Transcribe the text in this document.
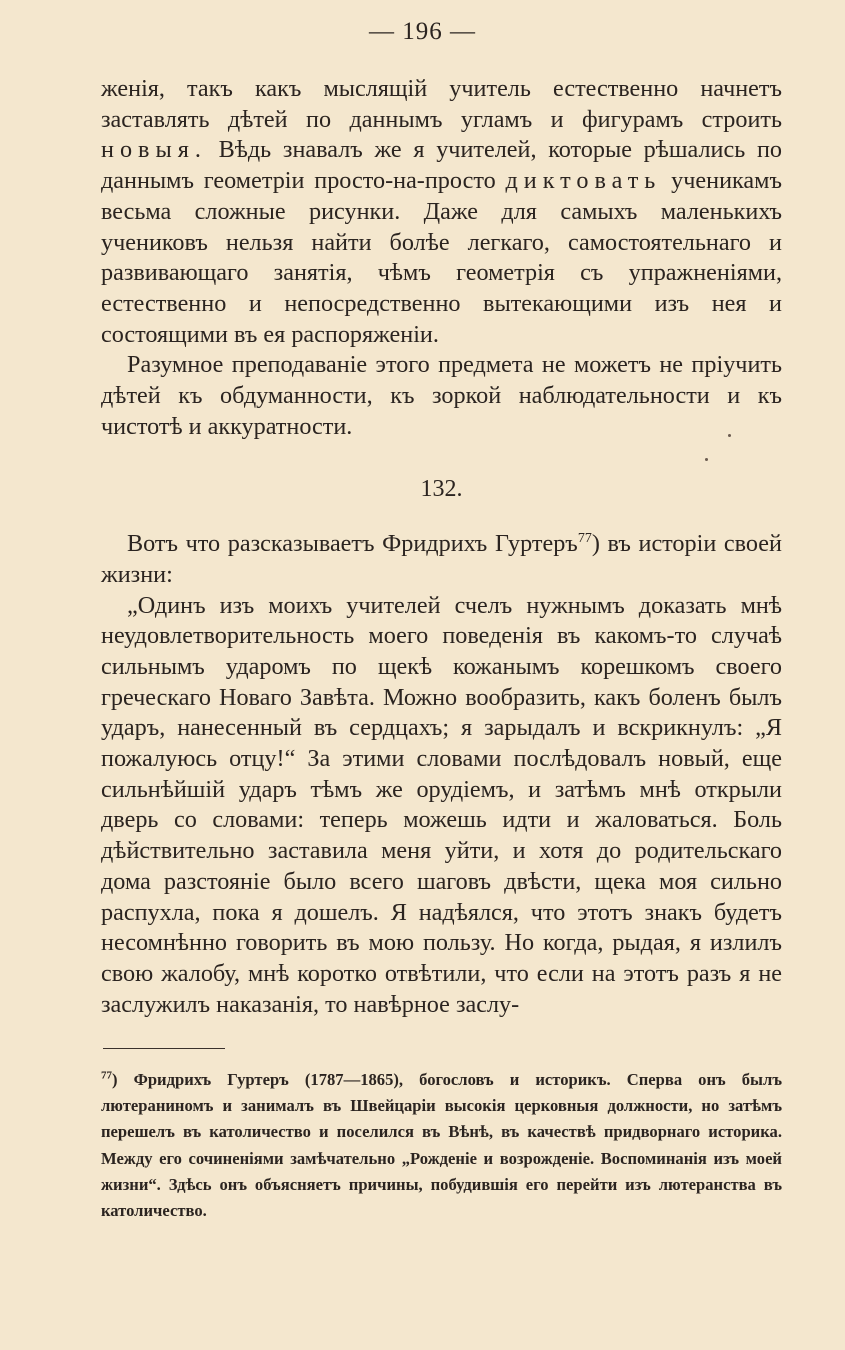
— 196 —

женія, такъ какъ мыслящій учитель естественно начнетъ заставлять дѣтей по даннымъ угламъ и фигурамъ строить новыя. Вѣдь знавалъ же я учителей, которые рѣшались по даннымъ геометріи просто-на-просто диктовать ученикамъ весьма сложные рисунки. Даже для самыхъ маленькихъ учениковъ нельзя найти болѣе легкаго, самостоятельнаго и развивающаго занятія, чѣмъ геометрія съ упражненіями, естественно и непосредственно вытекающими изъ нея и состоящими въ ея распоряженіи.

Разумное преподаваніе этого предмета не можетъ не пріучить дѣтей къ обдуманности, къ зоркой наблюдательности и къ чистотѣ и аккуратности.

132.

Вотъ что разсказываетъ Фридрихъ Гуртеръ$^{77}$) въ исторіи своей жизни:

„Одинъ изъ моихъ учителей счелъ нужнымъ доказать мнѣ неудовлетворительность моего поведенія въ какомъ-то случаѣ сильнымъ ударомъ по щекѣ кожанымъ корешкомъ своего греческаго Новаго Завѣта. Можно вообразить, какъ боленъ былъ ударъ, нанесенный въ сердцахъ; я зарыдалъ и вскрикнулъ: „Я пожалуюсь отцу!“ За этими словами послѣдовалъ новый, еще сильнѣйшій ударъ тѣмъ же орудіемъ, и затѣмъ мнѣ открыли дверь со словами: теперь можешь идти и жаловаться. Боль дѣйствительно заставила меня уйти, и хотя до родительскаго дома разстояніе было всего шаговъ двѣсти, щека моя сильно распухла, пока я дошелъ. Я надѣялся, что этотъ знакъ будетъ несомнѣнно говорить въ мою пользу. Но когда, рыдая, я излилъ свою жалобу, мнѣ коротко отвѣтили, что если на этотъ разъ я не заслужилъ наказанія, то навѣрное заслу-

$^{77}$) Фридрихъ Гуртеръ (1787—1865), богословъ и историкъ. Сперва онъ былъ лютераниномъ и занималъ въ Швейцаріи высокія церковныя должности, но затѣмъ перешелъ въ католичество и поселился въ Вѣнѣ, въ качествѣ придворнаго историка. Между его сочиненіями замѣчательно „Рожденіе и возрожденіе. Воспоминанія изъ моей жизни“. Здѣсь онъ объясняетъ причины, побудившія его перейти изъ лютеранства въ католичество.
